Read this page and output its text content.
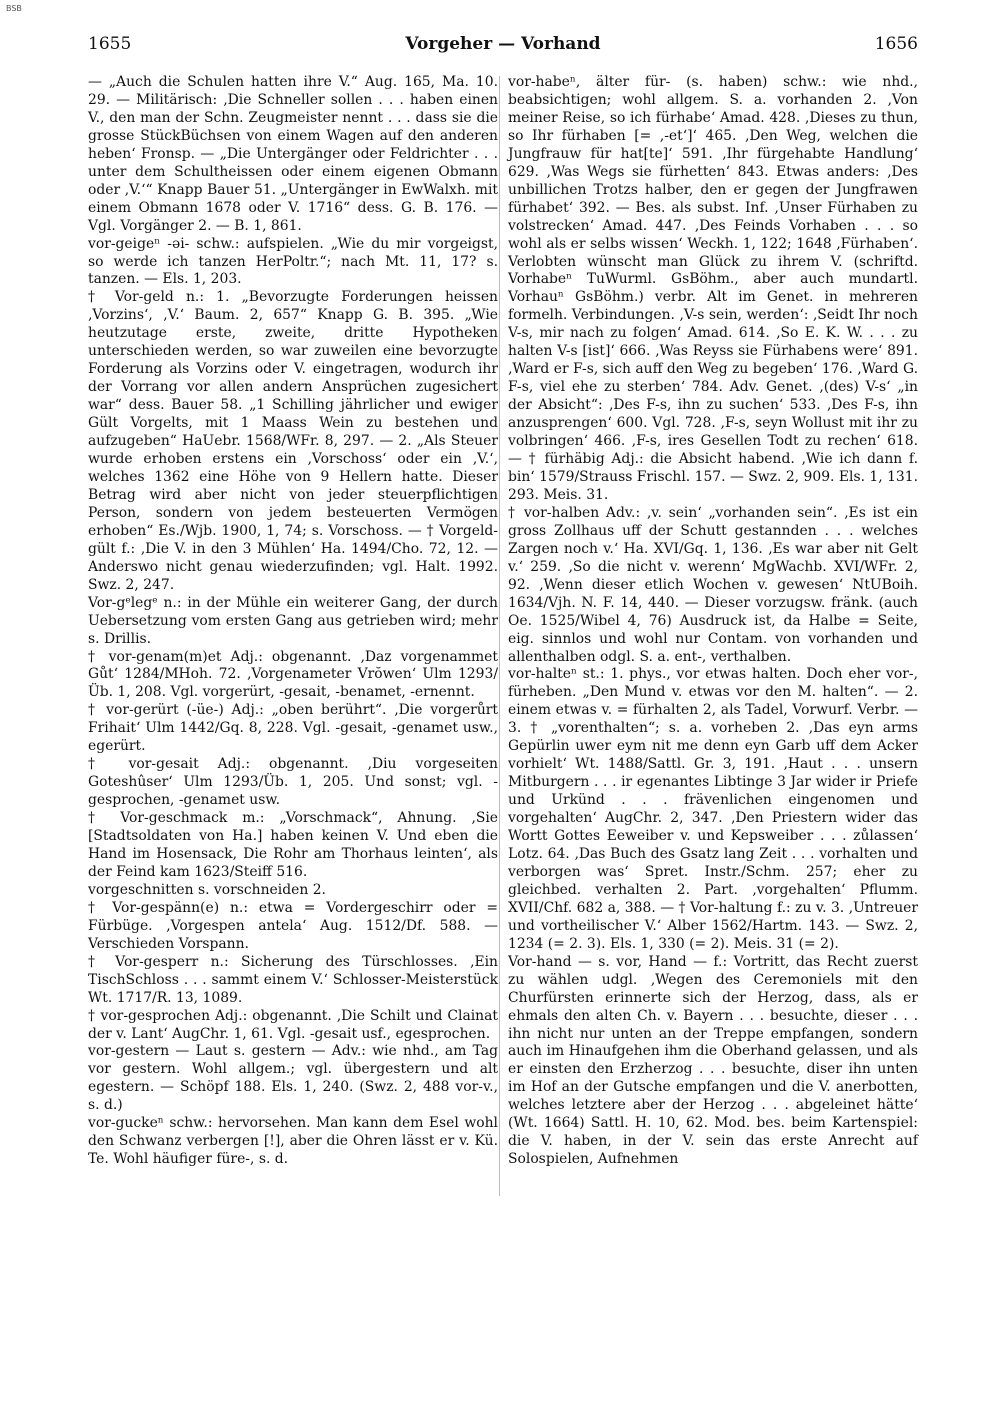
BSB
1655	Vorgeher — Vorhand	1656

— „Auch die Schulen hatten ihre V.“ Aug. 165, Ma. 10. 29. — Militärisch: ‚Die Schneller sollen . . . haben einen V., den man der Schn. Zeugmeister nennt . . . dass sie die grosse StückBüchsen von einem Wagen auf den anderen heben‘ Fronsp. — „Die Untergänger oder Feldrichter . . . unter dem Schultheissen oder einem eigenen Obmann oder ‚V.‘“ Knapp Bauer 51. „Untergänger in EwWalxh. mit einem Obmann 1678 oder V. 1716“ dess. G. B. 176. — Vgl. Vorgänger 2. — B. 1, 861.

vor-geigeⁿ -əi- schw.: aufspielen. „Wie du mir vorgeigst, so werde ich tanzen HerPoltr.“; nach Mt. 11, 17? s. tanzen. — Els. 1, 203.

† Vor-geld n.: 1. „Bevorzugte Forderungen heissen ‚Vorzins‘, ‚V.‘ Baum. 2, 657“ Knapp G. B. 395. „Wie heutzutage erste, zweite, dritte Hypotheken unterschieden werden, so war zuweilen eine bevorzugte Forderung als Vorzins oder V. eingetragen, wodurch ihr der Vorrang vor allen andern Ansprüchen zugesichert war“ dess. Bauer 58. „1 Schilling jährlicher und ewiger Gült Vorgelts, mit 1 Maass Wein zu bestehen und aufzugeben“ HaUebr. 1568/WFr. 8, 297. — 2. „Als Steuer wurde erhoben erstens ein ‚Vorschoss‘ oder ein ‚V.‘, welches 1362 eine Höhe von 9 Hellern hatte. Dieser Betrag wird aber nicht von jeder steuerpflichtigen Person, sondern von jedem besteuerten Vermögen erhoben“ Es./Wjb. 1900, 1, 74; s. Vorschoss. — † Vorgeld-gült f.: ‚Die V. in den 3 Mühlen‘ Ha. 1494/Cho. 72, 12. — Anderswo nicht genau wiederzufinden; vgl. Halt. 1992. Swz. 2, 247.

Vor-gᵉlegᵉ n.: in der Mühle ein weiterer Gang, der durch Uebersetzung vom ersten Gang aus getrieben wird; mehr s. Drillis.

† vor-genam(m)et Adj.: obgenannt. ‚Daz vorgenammet Gůt‘ 1284/MHoh. 72. ‚Vorgenameter Vrŏwen‘ Ulm 1293/Üb. 1, 208. Vgl. vorgerürt, -gesait, -benamet, -ernennt.

† vor-gerürt (-üe-) Adj.: „oben berührt“. ‚Die vorgerůrt Frihait‘ Ulm 1442/Gq. 8, 228. Vgl. -gesait, -genamet usw., egerürt.

† vor-gesait Adj.: obgenannt. ‚Diu vorgeseiten Goteshûser‘ Ulm 1293/Üb. 1, 205. Und sonst; vgl. -gesprochen, -genamet usw.

† Vor-geschmack m.: „Vorschmack“, Ahnung. ‚Sie [Stadtsoldaten von Ha.] haben keinen V. Und eben die Hand im Hosensack, Die Rohr am Thorhaus leinten‘, als der Feind kam 1623/Steiff 516.

vorgeschnitten s. vorschneiden 2.

† Vor-gespänn(e) n.: etwa = Vordergeschirr oder = Fürbüge. ‚Vorgespen antela‘ Aug. 1512/Df. 588. — Verschieden Vorspann.

† Vor-gesperr n.: Sicherung des Türschlosses. ‚Ein TischSchloss . . . sammt einem V.‘ Schlosser-Meisterstück Wt. 1717/R. 13, 1089.

† vor-gesprochen Adj.: obgenannt. ‚Die Schilt und Clainat der v. Lant‘ AugChr. 1, 61. Vgl. -gesait usf., egesprochen.

vor-gestern — Laut s. gestern — Adv.: wie nhd., am Tag vor gestern. Wohl allgem.; vgl. übergestern und alt egestern. — Schöpf 188. Els. 1, 240. (Swz. 2, 488 vor-v., s. d.)

vor-guckeⁿ schw.: hervorsehen. Man kann dem Esel wohl den Schwanz verbergen [!], aber die Ohren lässt er v. Kü. Te. Wohl häufiger füre-, s. d.

vor-habeⁿ, älter für- (s. haben) schw.: wie nhd., beabsichtigen; wohl allgem. S. a. vorhanden 2. ‚Von meiner Reise, so ich fürhabe‘ Amad. 428. ‚Dieses zu thun, so Ihr fürhaben [= ‚-et‘]‘ 465. ‚Den Weg, welchen die Jungfrauw für hat[te]‘ 591. ‚Ihr fürgehabte Handlung‘ 629. ‚Was Wegs sie fürhetten‘ 843. Etwas anders: ‚Des unbillichen Trotzs halber, den er gegen der Jungfrawen fürhabet‘ 392. — Bes. als subst. Inf. ‚Unser Fürhaben zu volstrecken‘ Amad. 447. ‚Des Feinds Vorhaben . . . so wohl als er selbs wissen‘ Weckh. 1, 122; 1648 ‚Fürhaben‘. Verlobten wünscht man Glück zu ihrem V. (schriftd. Vorhabeⁿ TuWurml. GsBöhm., aber auch mundartl. Vorhauⁿ GsBöhm.) verbr. Alt im Genet. in mehreren formelh. Verbindungen. ‚V-s sein, werden‘: ‚Seidt Ihr noch V-s, mir nach zu folgen‘ Amad. 614. ‚So E. K. W. . . . zu halten V-s [ist]‘ 666. ‚Was Reyss sie Fürhabens were‘ 891. ‚Ward er F-s, sich auff den Weg zu begeben‘ 176. ‚Ward G. F-s, viel ehe zu sterben‘ 784. Adv. Genet. ‚(des) V-s‘ „in der Absicht“: ‚Des F-s, ihn zu suchen‘ 533. ‚Des F-s, ihn anzusprengen‘ 600. Vgl. 728. ‚F-s, seyn Wollust mit ihr zu volbringen‘ 466. ‚F-s, ires Gesellen Todt zu rechen‘ 618. — † fürhäbig Adj.: die Absicht habend. ‚Wie ich dann f. bin‘ 1579/Strauss Frischl. 157. — Swz. 2, 909. Els. 1, 131. 293. Meis. 31.

† vor-halben Adv.: ‚v. sein‘ „vorhanden sein“. ‚Es ist ein gross Zollhaus uff der Schutt gestannden . . . welches Zargen noch v.‘ Ha. XVI/Gq. 1, 136. ‚Es war aber nit Gelt v.‘ 259. ‚So die nicht v. werenn‘ MgWachb. XVI/WFr. 2, 92. ‚Wenn dieser etlich Wochen v. gewesen‘ NtUBoih. 1634/Vjh. N. F. 14, 440. — Dieser vorzugsw. fränk. (auch Oe. 1525/Wibel 4, 76) Ausdruck ist, da Halbe = Seite, eig. sinnlos und wohl nur Contam. von vorhanden und allenthalben odgl. S. a. ent-, verthalben.

vor-halteⁿ st.: 1. phys., vor etwas halten. Doch eher vor-, fürheben. „Den Mund v. etwas vor den M. halten“. — 2. einem etwas v. = fürhalten 2, als Tadel, Vorwurf. Verbr. — 3. † „vorenthalten“; s. a. vorheben 2. ‚Das eyn arms Gepürlin uwer eym nit me denn eyn Garb uff dem Acker vorhielt‘ Wt. 1488/Sattl. Gr. 3, 191. ‚Haut . . . unsern Mitburgern . . . ir egenantes Libtinge 3 Jar wider ir Priefe und Urkünd . . . frävenlichen eingenomen und vorgehalten‘ AugChr. 2, 347. ‚Den Priestern wider das Wortt Gottes Eeweiber v. und Kepsweiber . . . zůlassen‘ Lotz. 64. ‚Das Buch des Gsatz lang Zeit . . . vorhalten und verborgen was‘ Spret. Instr./Schm. 257; eher zu gleichbed. verhalten 2. Part. ‚vorgehalten‘ Pflumm. XVII/Chf. 682 a, 388. — † Vor-haltung f.: zu v. 3. ‚Untreuer und vortheilischer V.‘ Alber 1562/Hartm. 143. — Swz. 2, 1234 (= 2. 3). Els. 1, 330 (= 2). Meis. 31 (= 2).

Vor-hand — s. vor, Hand — f.: Vortritt, das Recht zuerst zu wählen udgl. ‚Wegen des Ceremoniels mit den Churfürsten erinnerte sich der Herzog, dass, als er ehmals den alten Ch. v. Bayern . . . besuchte, dieser . . . ihn nicht nur unten an der Treppe empfangen, sondern auch im Hinaufgehen ihm die Oberhand gelassen, und als er einsten den Erzherzog . . . besuchte, diser ihn unten im Hof an der Gutsche empfangen und die V. anerbotten, welches letztere aber der Herzog . . . abgeleinet hätte‘ (Wt. 1664) Sattl. H. 10, 62. Mod. bes. beim Kartenspiel: die V. haben, in der V. sein das erste Anrecht auf Solospielen, Aufnehmen
